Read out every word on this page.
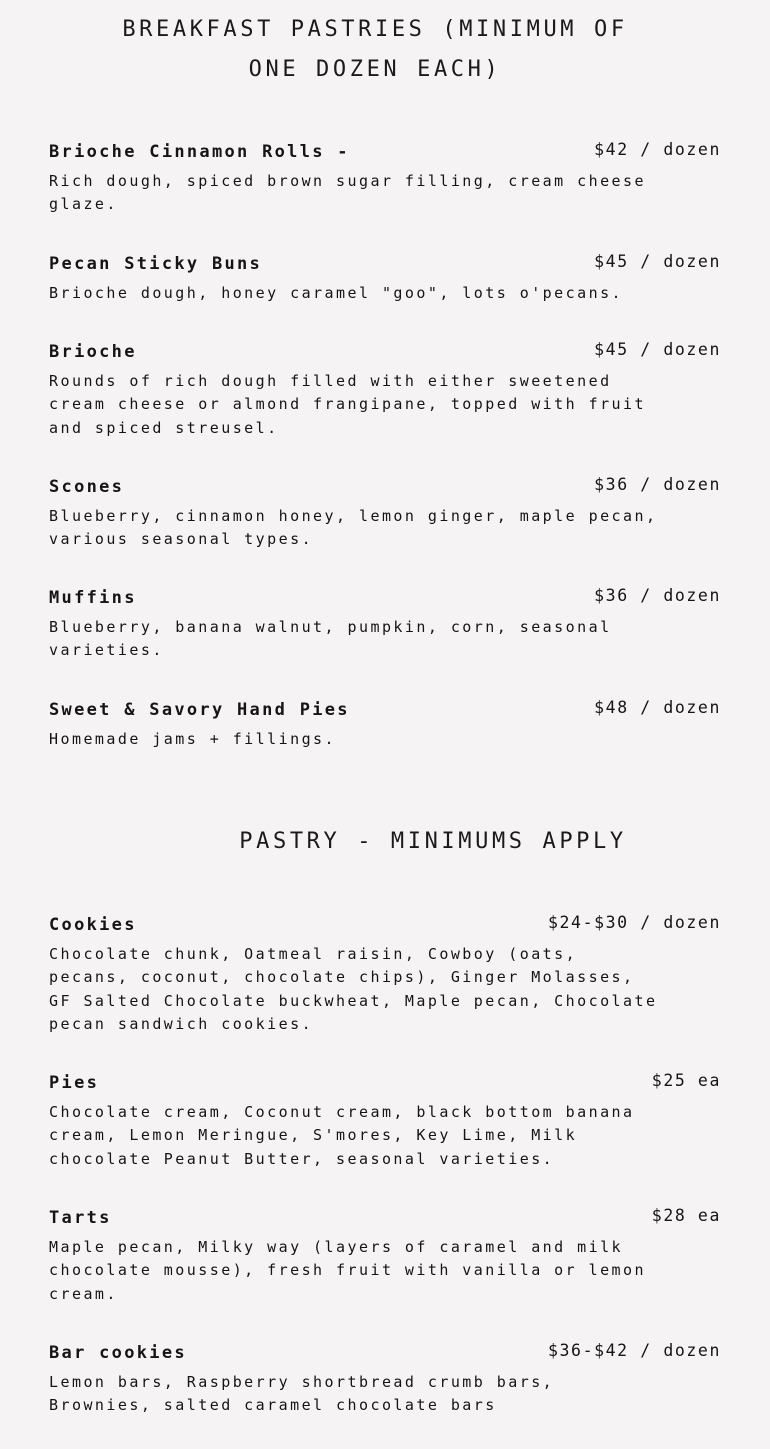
BREAKFAST PASTRIES (MINIMUM OF ONE DOZEN EACH)
Brioche Cinnamon Rolls -	$42 / dozen
Rich dough, spiced brown sugar filling, cream cheese
glaze.
Pecan Sticky Buns	$45 / dozen
Brioche dough, honey caramel "goo", lots o'pecans.
Brioche	$45 / dozen
Rounds of rich dough filled with either sweetened
cream cheese or almond frangipane, topped with fruit
and spiced streusel.
Scones	$36 / dozen
Blueberry, cinnamon honey, lemon ginger, maple pecan,
various seasonal types.
Muffins	$36 / dozen
Blueberry, banana walnut, pumpkin, corn, seasonal
varieties.
Sweet & Savory Hand Pies	$48 / dozen
Homemade jams + fillings.
PASTRY - MINIMUMS APPLY
Cookies	$24-$30 / dozen
Chocolate chunk, Oatmeal raisin, Cowboy (oats,
pecans, coconut, chocolate chips), Ginger Molasses,
GF Salted Chocolate buckwheat, Maple pecan, Chocolate
pecan sandwich cookies.
Pies	$25 ea
Chocolate cream, Coconut cream, black bottom banana
cream, Lemon Meringue, S'mores, Key Lime, Milk
chocolate Peanut Butter, seasonal varieties.
Tarts	$28 ea
Maple pecan, Milky way (layers of caramel and milk
chocolate mousse), fresh fruit with vanilla or lemon
cream.
Bar cookies	$36-$42 / dozen
Lemon bars, Raspberry shortbread crumb bars,
Brownies, salted caramel chocolate bars
